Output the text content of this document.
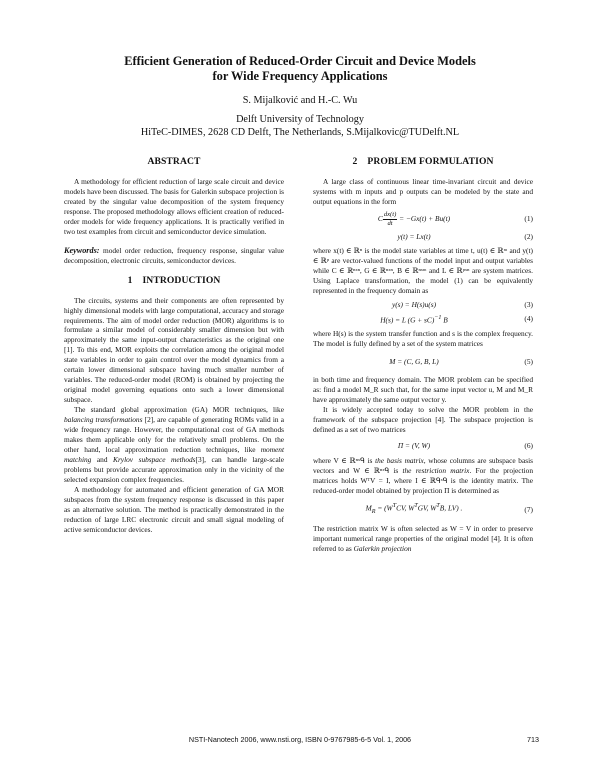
Efficient Generation of Reduced-Order Circuit and Device Models
for Wide Frequency Applications
S. Mijalković and H.-C. Wu
Delft University of Technology
HiTeC-DIMES, 2628 CD Delft, The Netherlands, S.Mijalkovic@TUDelft.NL
ABSTRACT

A methodology for efficient reduction of large scale circuit and device models have been discussed. The basis for Galerkin subspace projection is created by the singular value decomposition of the system frequency response. The proposed methodology allows efficient creation of reduced-order models for wide frequency applications. It is practically verified in two test examples from circuit and semiconductor device simulation.

Keywords: model order reduction, frequency response, singular value decomposition, electronic circuits, semiconductor devices.

1 INTRODUCTION

The circuits, systems and their components are often represented by highly dimensional models with large computational, accuracy and storage requirements. The aim of model order reduction (MOR) algorithms is to formulate a similar model of considerably smaller dimension but with approximately the same input-output characteristics as the original one [1]. To this end, MOR exploits the correlation among the original model state variables in order to gain control over the model dynamics from a certain lower dimensional subspace having much smaller number of variables. The reduced-order model (ROM) is obtained by projecting the original model governing equations onto such a lower dimensional subspace.

The standard global approximation (GA) MOR techniques, like balancing transformations [2], are capable of generating ROMs valid in a wide frequency range. However, the computational cost of GA methods makes them applicable only for the relatively small problems. On the other hand, local approximation reduction techniques, like moment matching and Krylov subspace methods[3], can handle large-scale problems but provide accurate approximation only in the vicinity of the selected expansion complex frequencies.

A methodology for automated and efficient generation of GA MOR subspaces from the system frequency response is discussed in this paper as an alternative solution. The method is practically demonstrated in the reduction of large LRC electronic circuit and small signal modeling of active semiconductor devices.

2 PROBLEM FORMULATION

A large class of continuous linear time-invariant circuit and device systems with m inputs and p outputs can be modeled by the state and output equations in the form

C $\frac{dx(t)}{dt} = -Gx(t) + Bu(t)$	(1)
y(t) = Lx(t)	(2)

where x(t) ∈ ℝⁿ is the model state variables at time t, u(t) ∈ ℝᵐ and y(t) ∈ ℝᵖ are vector-valued functions of the model input and output variables while C ∈ ℝⁿˣⁿ, G ∈ ℝⁿˣⁿ, B ∈ ℝⁿˣᵐ and L ∈ ℝᵖˣⁿ are system matrices. Using Laplace transformation, the model (1) can be equivalently represented in the frequency domain as

y(s) = H(s)u(s)	(3)
H(s) = L (G + sC)$^{-1}$ B	(4)

where H(s) is the system transfer function and s is the complex frequency. The model is fully defined by a set of the system matrices

M = (C, G, B, L)	(5)

in both time and frequency domain. The MOR problem can be specified as: find a model M_R such that, for the same input vector u, M and M_R have approximately the same output vector y.

It is widely accepted today to solve the MOR problem in the framework of the subspace projection [4]. The subspace projection is defined as a set of two matrices

Π = (V, W)	(6)

where V ∈ ℝⁿˣᑫ is the basis matrix, whose columns are subspace basis vectors and W ∈ ℝⁿˣᑫ is the restriction matrix. For the projection matrices holds WᵀV = I, where I ∈ ℝᑫˣᑫ is the identity matrix. The reduced-order model obtained by projection Π is determined as

$M_R = (W^TCV$, $W^TGV$, $W^TB$, LV) .	(7)

The restriction matrix W is often selected as W = V in order to preserve important numerical range properties of the original model [4]. It is often referred to as Galerkin projection

NSTI-Nanotech 2006, www.nsti.org, ISBN 0-9767985-6-5 Vol. 1, 2006	713
